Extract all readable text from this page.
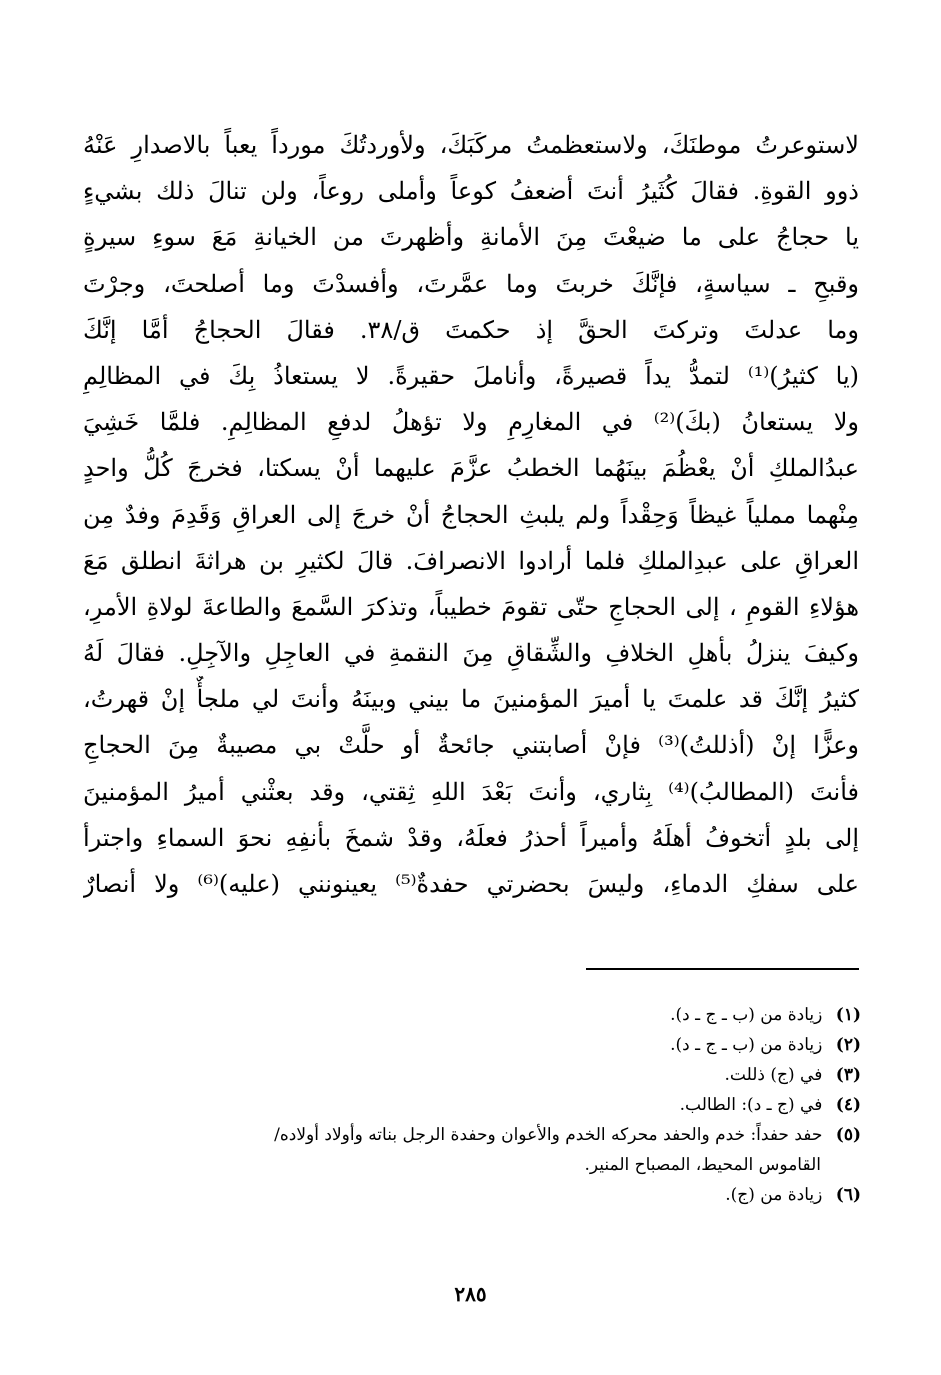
لاستوعرتُ موطنَكَ، ولاستعظمتُ مركَبَكَ، ولأوردتُكَ مورداً يعباً بالاصدارِ عَنْهُ
ذوو القوةِ. فقالَ كُثَيرُ أنتَ أضعفُ كوعاً وأملى روعاً، ولن تنالَ ذلك بشيءٍ
يا حجاجُ على ما ضيعْتَ مِنَ الأمانةِ وأظهرتَ من الخيانةِ مَعَ سوءِ سيرةٍ
وقبحِ ـ سياسةٍ، فإنَّكَ خربتَ وما عمَّرتَ، وأفسدْتَ وما أصلحتَ، وجرْتَ
وما عدلتَ وتركتَ الحقَّ إذ حكمتَ ق/٣٨. فقالَ الحجاجُ أمَّا إنَّكَ
(يا كثيرُ)⁽¹⁾ لتمدُّ يداً قصيرةً، وأناملَ حقيرةً. لا يستعاذُ بِكَ في المظالِمِ
ولا يستعانُ (بكَ)⁽²⁾ في المغارِمِ ولا تؤهلُ لدفعِ المظالِمِ. فلمَّا خَشِيَ
عبدُالملكِ أنْ يعْظُمَ بينَهُما الخطبُ عزَّمَ عليهما أنْ يسكتا، فخرجَ كُلُّ واحدٍ
مِنْهما مملياً غيظاً وَحِقْداً ولم يلبثِ الحجاجُ أنْ خرجَ إلى العراقِ وَقَدِمَ وفدٌ مِن
العراقِ على عبدِالملكِ فلما أرادوا الانصرافَ. قالَ لكثيرِ بن هراثةَ انطلق مَعَ
هؤلاءِ القومِ ، إلى الحجاجِ حتّى تقومَ خطيباً، وتذكرَ السَّمعَ والطاعةَ لولاةِ الأمرِ،
وكيفَ ينزلُ بأهلِ الخلافِ والشِّقاقِ مِنَ النقمةِ في العاجِلِ والآجِلِ. فقالَ لَهُ
كثيرُ إنَّكَ قد علمتَ يا أميرَ المؤمنينَ ما بيني وبينَهُ وأنتَ لي ملجأٌ إنْ قهرتُ،
وعزًّا إنْ (أذللتُ)⁽³⁾ فإنْ أصابتني جائحةٌ أو حلَّتْ بي مصيبةٌ مِنَ الحجاجِ
فأنتَ (المطالبُ)⁽⁴⁾ بِثاري، وأنتَ بَعْدَ اللهِ ثِقتي، وقد بعثْني أميرُ المؤمنينَ
إلى بلدٍ أتخوفُ أهلَهُ وأميراً أحذرُ فعلَهُ، وقدْ شمخَ بأنفِهِ نحوَ السماءِ واجترأ
على سفكِ الدماءِ، وليسَ بحضرتي حفدةٌ⁽⁵⁾ يعينونني (عليه)⁽⁶⁾ ولا أنصارٌ
(١) زيادة من (ب ـ ج ـ د).
(٢) زيادة من (ب ـ ج ـ د).
(٣) في (ج) ذللت.
(٤) في (ج ـ د): الطالب.
(٥) حفد حفداً: خدم والحفد محركه الخدم والأعوان وحفدة الرجل بناته وأولاد أولاده/
القاموس المحيط، المصباح المنير.
(٦) زيادة من (ج).
٢٨٥
